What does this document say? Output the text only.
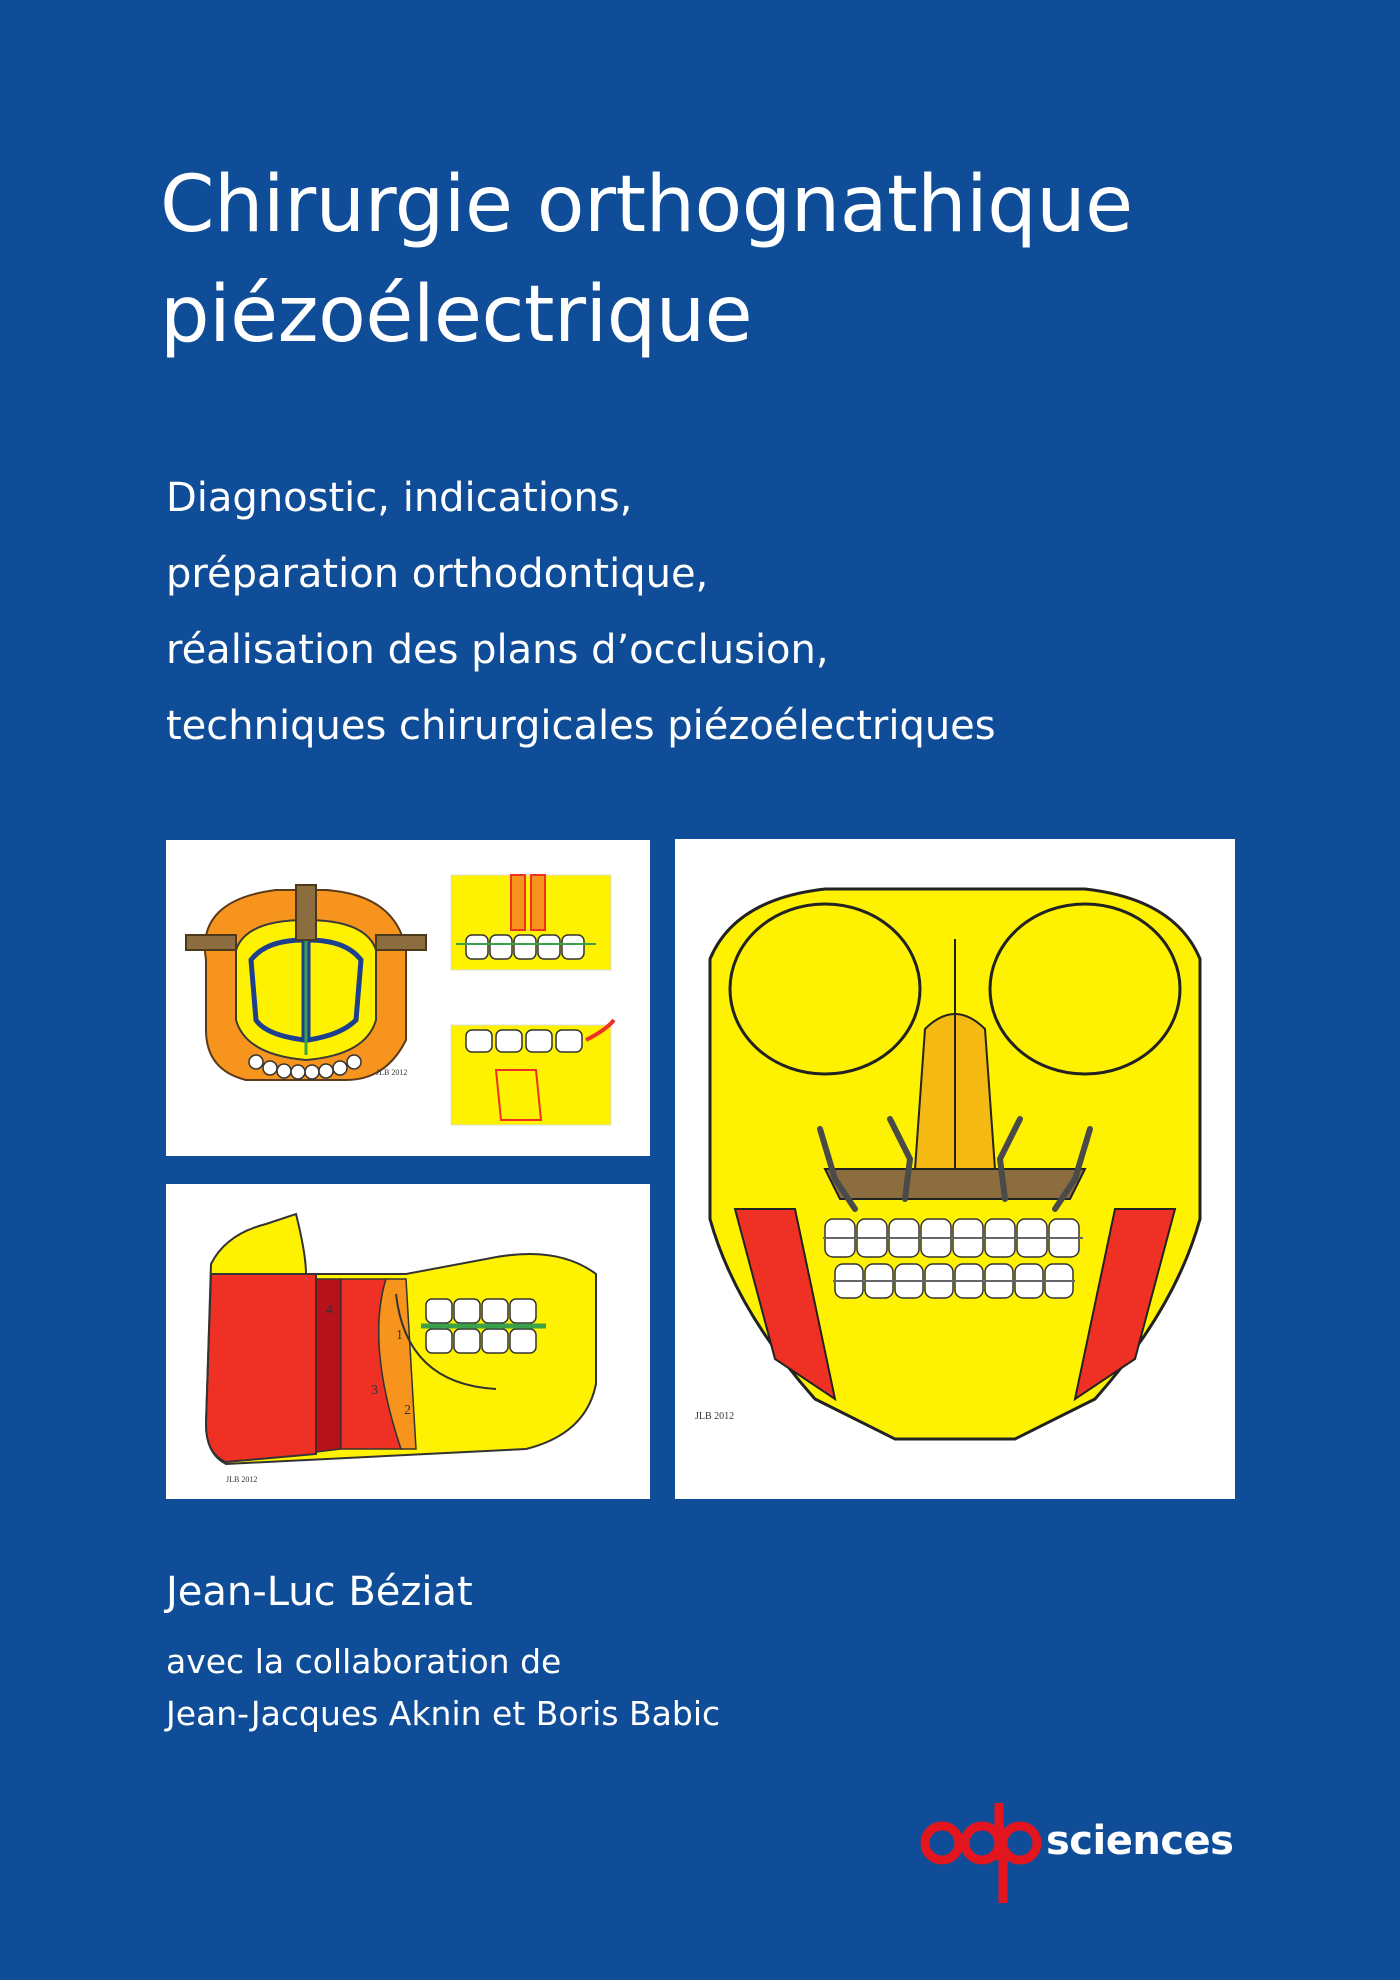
Chirurgie orthognathique
piézoélectrique
Diagnostic, indications,
préparation orthodontique,
réalisation des plans d’occlusion,
techniques chirurgicales piézoélectriques
JLB 2012
1
2
3
4
JLB 2012
JLB 2012
Jean-Luc Béziat
avec la collaboration de
Jean-Jacques Aknin et Boris Babic
sciences
